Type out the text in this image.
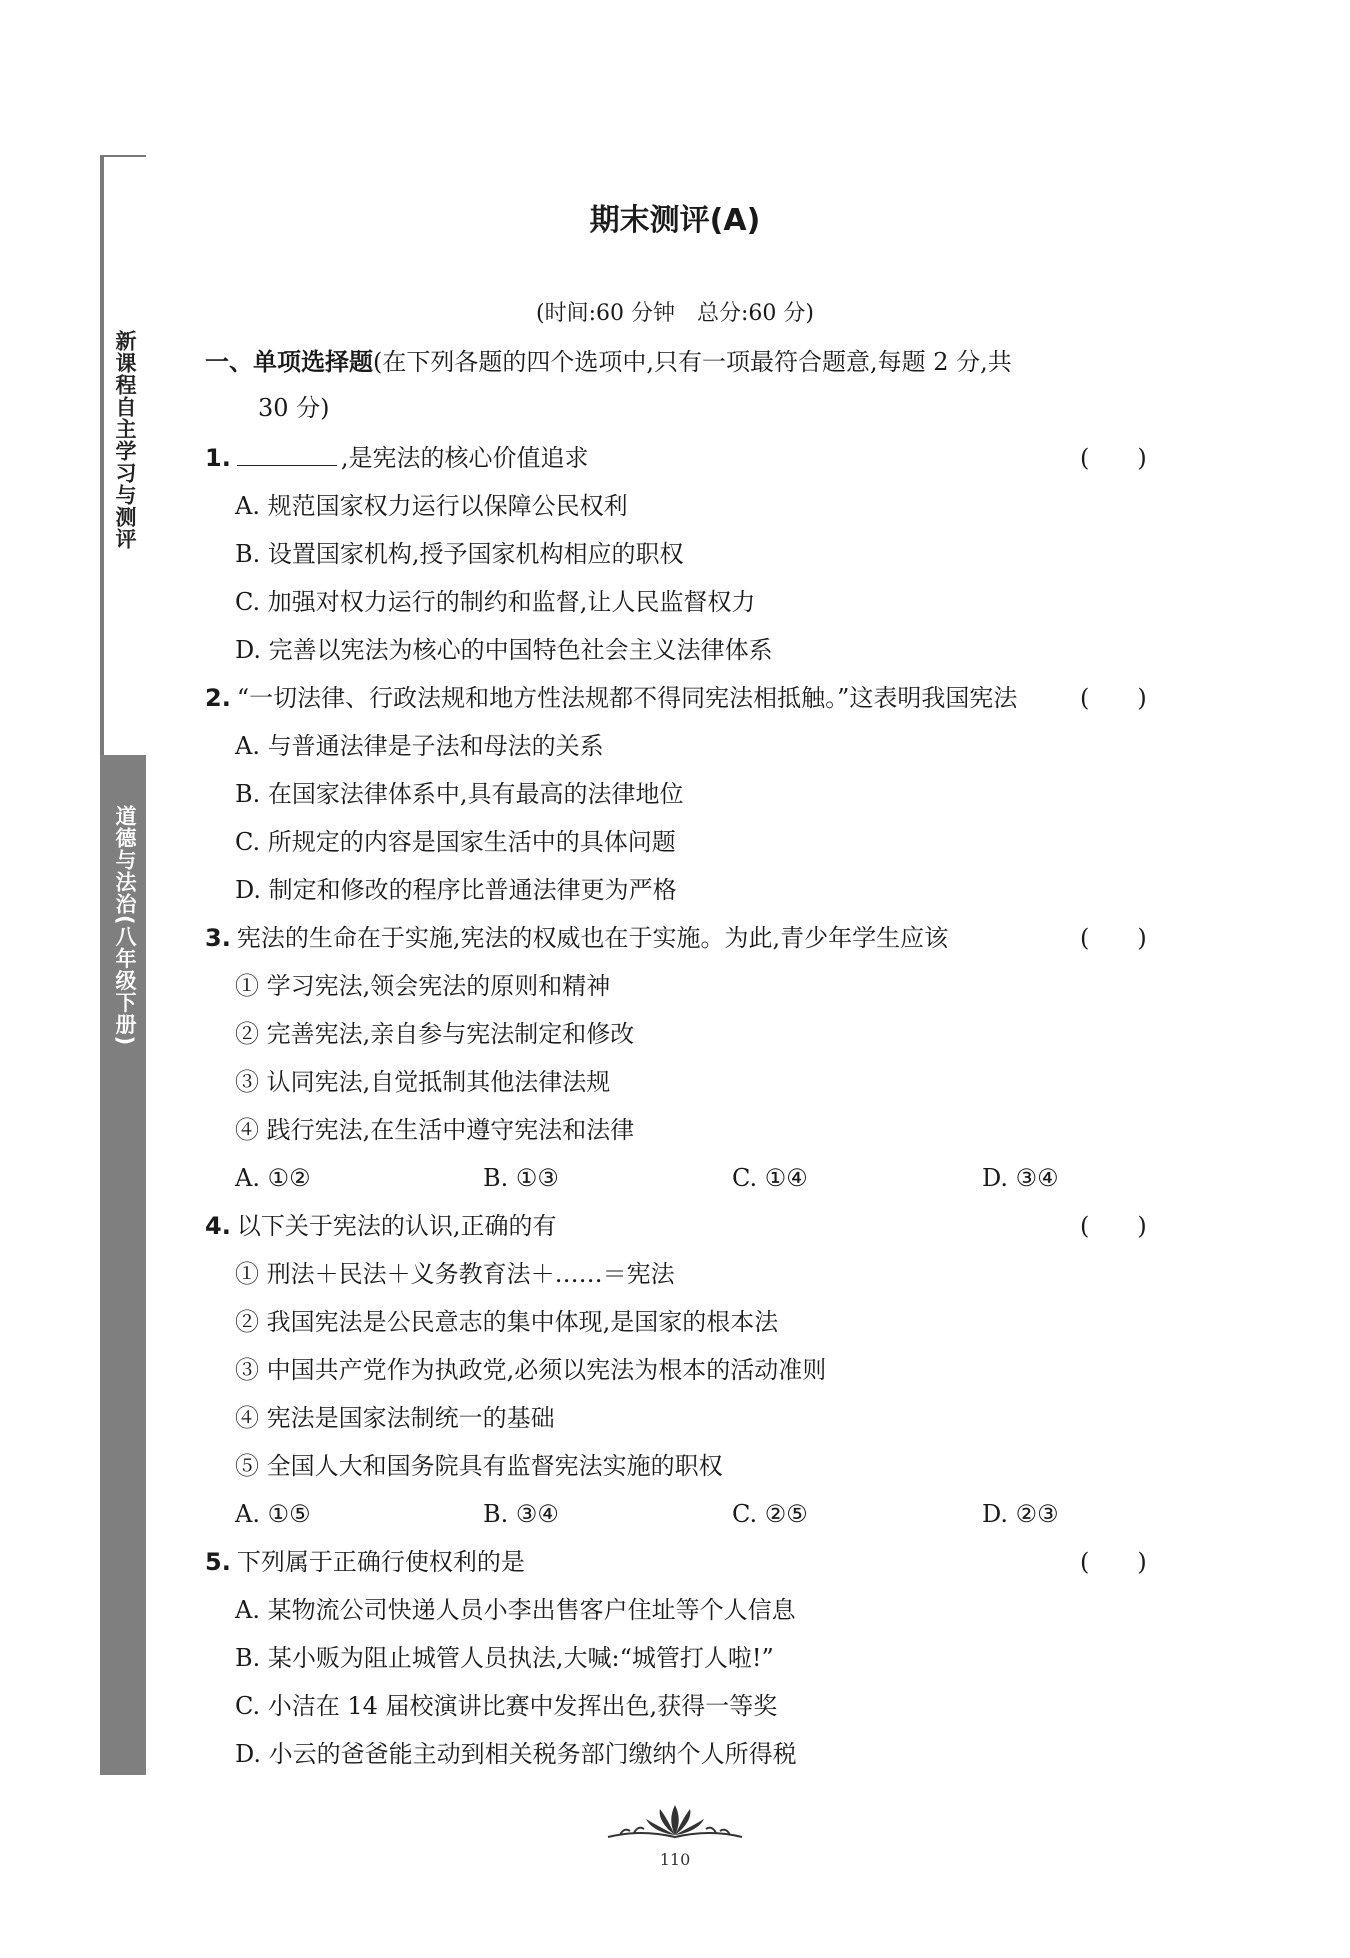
新课程自主学习与测评
道德与法治(八年级下册)
期末测评(A)
(时间:60 分钟　总分:60 分)
一、单项选择题(在下列各题的四个选项中,只有一项最符合题意,每题 2 分,共
30 分)
1.	,是宪法的核心价值追求	(　　)
A. 规范国家权力运行以保障公民权利
B. 设置国家机构,授予国家机构相应的职权
C. 加强对权力运行的制约和监督,让人民监督权力
D. 完善以宪法为核心的中国特色社会主义法律体系
2. “一切法律、行政法规和地方性法规都不得同宪法相抵触。”这表明我国宪法	(　　)
A. 与普通法律是子法和母法的关系
B. 在国家法律体系中,具有最高的法律地位
C. 所规定的内容是国家生活中的具体问题
D. 制定和修改的程序比普通法律更为严格
3. 宪法的生命在于实施,宪法的权威也在于实施。为此,青少年学生应该	(　　)
① 学习宪法,领会宪法的原则和精神
② 完善宪法,亲自参与宪法制定和修改
③ 认同宪法,自觉抵制其他法律法规
④ 践行宪法,在生活中遵守宪法和法律
A. ①②	B. ①③	C. ①④	D. ③④
4. 以下关于宪法的认识,正确的有	(　　)
① 刑法＋民法＋义务教育法＋……＝宪法
② 我国宪法是公民意志的集中体现,是国家的根本法
③ 中国共产党作为执政党,必须以宪法为根本的活动准则
④ 宪法是国家法制统一的基础
⑤ 全国人大和国务院具有监督宪法实施的职权
A. ①⑤	B. ③④	C. ②⑤	D. ②③
5. 下列属于正确行使权利的是	(　　)
A. 某物流公司快递人员小李出售客户住址等个人信息
B. 某小贩为阻止城管人员执法,大喊:“城管打人啦!”
C. 小洁在 14 届校演讲比赛中发挥出色,获得一等奖
D. 小云的爸爸能主动到相关税务部门缴纳个人所得税
110
